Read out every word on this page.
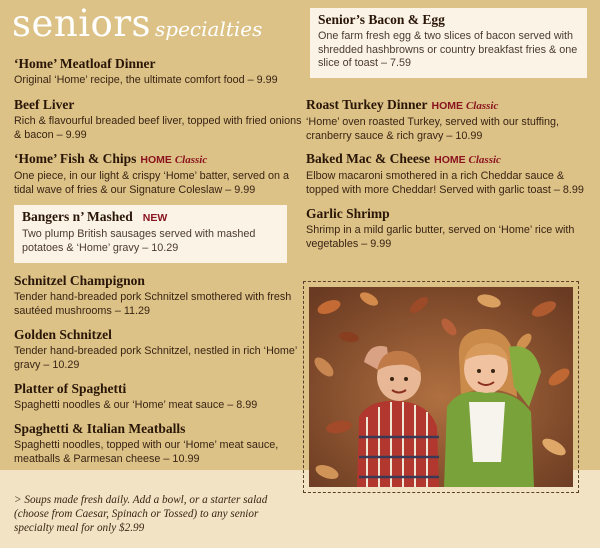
seniors specialties
‘Home’ Meatloaf Dinner
Original ‘Home’ recipe, the ultimate comfort food – 9.99
Beef Liver
Rich & flavourful breaded beef liver, topped with fried onions & bacon – 9.99
‘Home’ Fish & Chips HOME Classic
One piece, in our light & crispy ‘Home’ batter, served on a tidal wave of fries & our Signature Coleslaw – 9.99
Bangers n’ Mashed NEW
Two plump British sausages served with mashed potatoes & ‘Home’ gravy – 10.29
Schnitzel Champignon
Tender hand-breaded pork Schnitzel smothered with fresh sautéed mushrooms – 11.29
Golden Schnitzel
Tender hand-breaded pork Schnitzel, nestled in rich ‘Home’ gravy – 10.29
Platter of Spaghetti
Spaghetti noodles & our ‘Home’ meat sauce – 8.99
Spaghetti & Italian Meatballs
Spaghetti noodles, topped with our ‘Home’ meat sauce, meatballs & Parmesan cheese – 10.99
Senior’s Bacon & Egg
One farm fresh egg & two slices of bacon served with shredded hashbrowns or country breakfast fries & one slice of toast – 7.59
Roast Turkey Dinner HOME Classic
‘Home’ oven roasted Turkey, served with our stuffing, cranberry sauce & rich gravy – 10.99
Baked Mac & Cheese HOME Classic
Elbow macaroni smothered in a rich Cheddar sauce & topped with more Cheddar! Served with garlic toast – 8.99
Garlic Shrimp
Shrimp in a mild garlic butter, served on ‘Home’ rice with vegetables – 9.99
> Soups made fresh daily. Add a bowl, or a starter salad (choose from Caesar, Spinach or Tossed) to any senior specialty meal for only $2.99
